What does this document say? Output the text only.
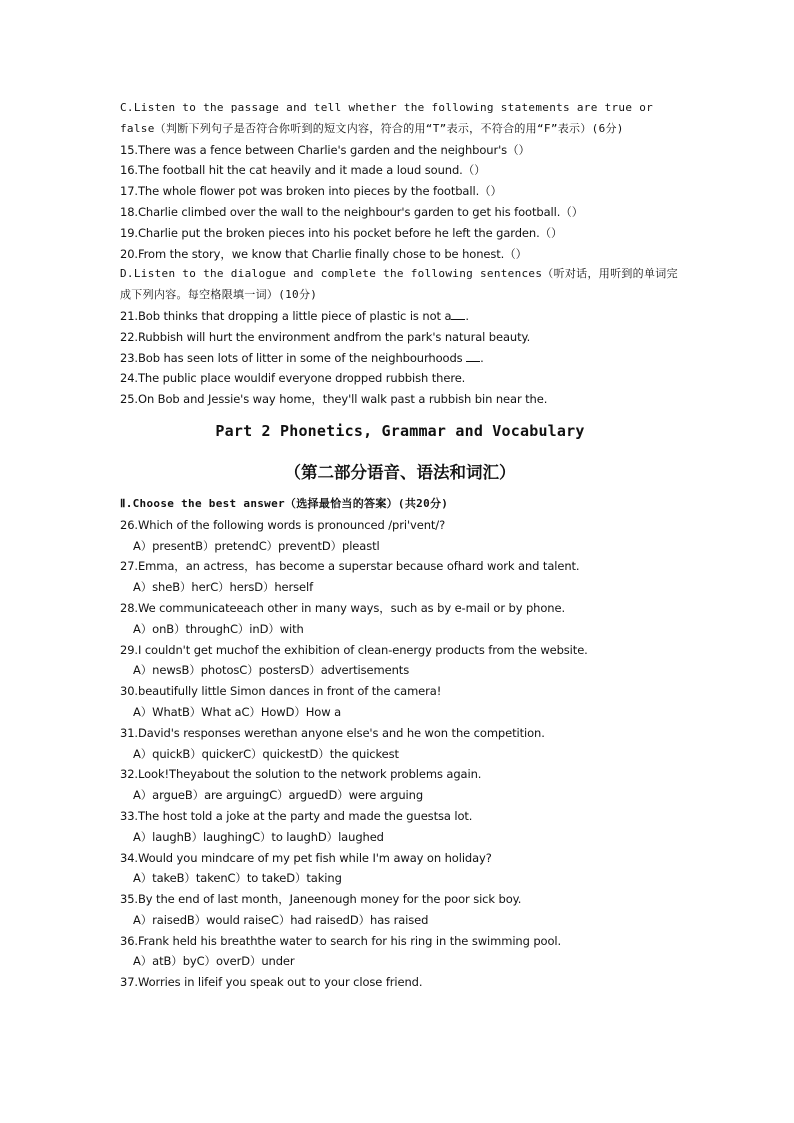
C.Listen to the passage and tell whether the following statements are true or false（判断下列句子是否符合你听到的短文内容，符合的用“T”表示，不符合的用“F”表示）(6分)
15.There was a fence between Charlie's garden and the neighbour's（）
16.The football hit the cat heavily and it made a loud sound.（）
17.The whole flower pot was broken into pieces by the football.（）
18.Charlie climbed over the wall to the neighbour's garden to get his football.（）
19.Charlie put the broken pieces into his pocket before he left the garden.（）
20.From the story，we know that Charlie finally chose to be honest.（）
D.Listen to the dialogue and complete the following sentences（听对话，用听到的单词完成下列内容。每空格限填一词）(10分)
21.Bob thinks that dropping a little piece of plastic is not a .
22.Rubbish will hurt the environment andfrom the park's natural beauty.
23.Bob has seen lots of litter in some of the neighbourhoods .
24.The public place wouldif everyone dropped rubbish there.
25.On Bob and Jessie's way home，they'll walk past a rubbish bin near the.
Part 2 Phonetics, Grammar and Vocabulary
（第二部分语音、语法和词汇）
Ⅱ.Choose the best answer（选择最恰当的答案）(共20分)
26.Which of the following words is pronounced /pri'vent/?
A）presentB）pretendC）preventD）pleastl
27.Emma，an actress，has become a superstar because ofhard work and talent.
A）sheB）herC）hersD）herself
28.We communicateeach other in many ways，such as by e-mail or by phone.
A）onB）throughC）inD）with
29.I couldn't get muchof the exhibition of clean-energy products from the website.
A）newsB）photosC）postersD）advertisements
30.beautifully little Simon dances in front of the camera!
A）WhatB）What aC）HowD）How a
31.David's responses werethan anyone else's and he won the competition.
A）quickB）quickerC）quickestD）the quickest
32.Look!Theyabout the solution to the network problems again.
A）argueB）are arguingC）arguedD）were arguing
33.The host told a joke at the party and made the guestsa lot.
A）laughB）laughingC）to laughD）laughed
34.Would you mindcare of my pet fish while I'm away on holiday?
A）takeB）takenC）to takeD）taking
35.By the end of last month，Janeenough money for the poor sick boy.
A）raisedB）would raiseC）had raisedD）has raised
36.Frank held his breaththe water to search for his ring in the swimming pool.
A）atB）byC）overD）under
37.Worries in lifeif you speak out to your close friend.
